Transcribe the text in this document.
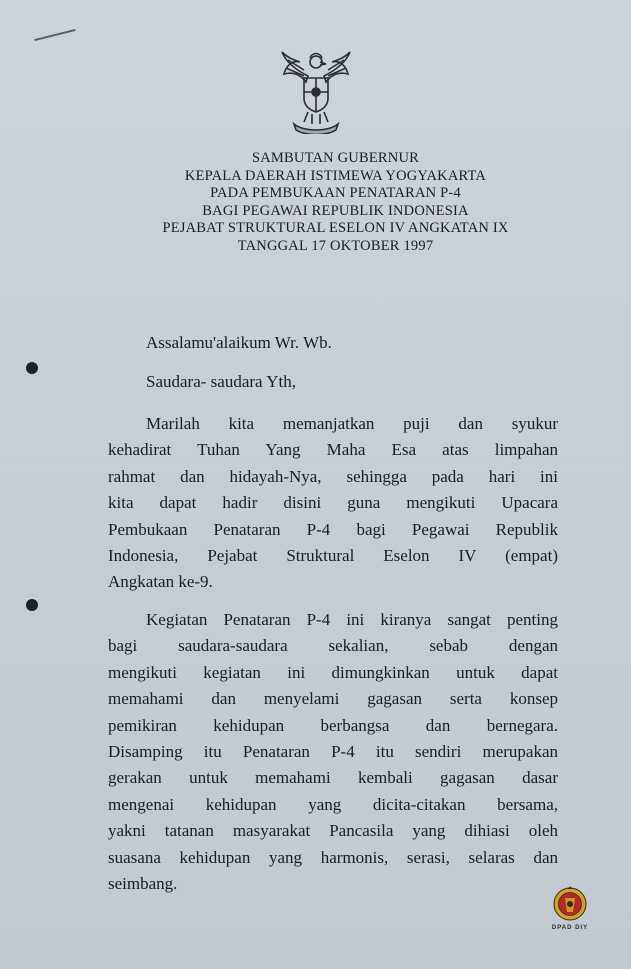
SAMBUTAN GUBERNUR
KEPALA DAERAH ISTIMEWA YOGYAKARTA
PADA PEMBUKAAN PENATARAN P-4
BAGI PEGAWAI REPUBLIK INDONESIA
PEJABAT STRUKTURAL ESELON IV ANGKATAN IX
TANGGAL 17 OKTOBER 1997
Assalamu'alaikum Wr. Wb.
Saudara- saudara Yth,
Marilah kita memanjatkan puji dan syukur
kehadirat Tuhan Yang Maha Esa atas limpahan
rahmat dan hidayah-Nya, sehingga pada hari ini
kita dapat hadir disini guna mengikuti Upacara
Pembukaan Penataran P-4 bagi Pegawai Republik
Indonesia, Pejabat Struktural Eselon IV (empat)
Angkatan ke-9.
Kegiatan Penataran P-4 ini kiranya sangat penting
bagi saudara-saudara sekalian, sebab dengan
mengikuti kegiatan ini dimungkinkan untuk dapat
memahami dan menyelami gagasan serta konsep
pemikiran kehidupan berbangsa dan bernegara.
Disamping itu Penataran P-4 itu sendiri merupakan
gerakan untuk memahami kembali gagasan dasar
mengenai kehidupan yang dicita-citakan bersama,
yakni tatanan masyarakat Pancasila yang dihiasi oleh
suasana kehidupan yang harmonis, serasi, selaras dan
seimbang.
DPAD DIY
